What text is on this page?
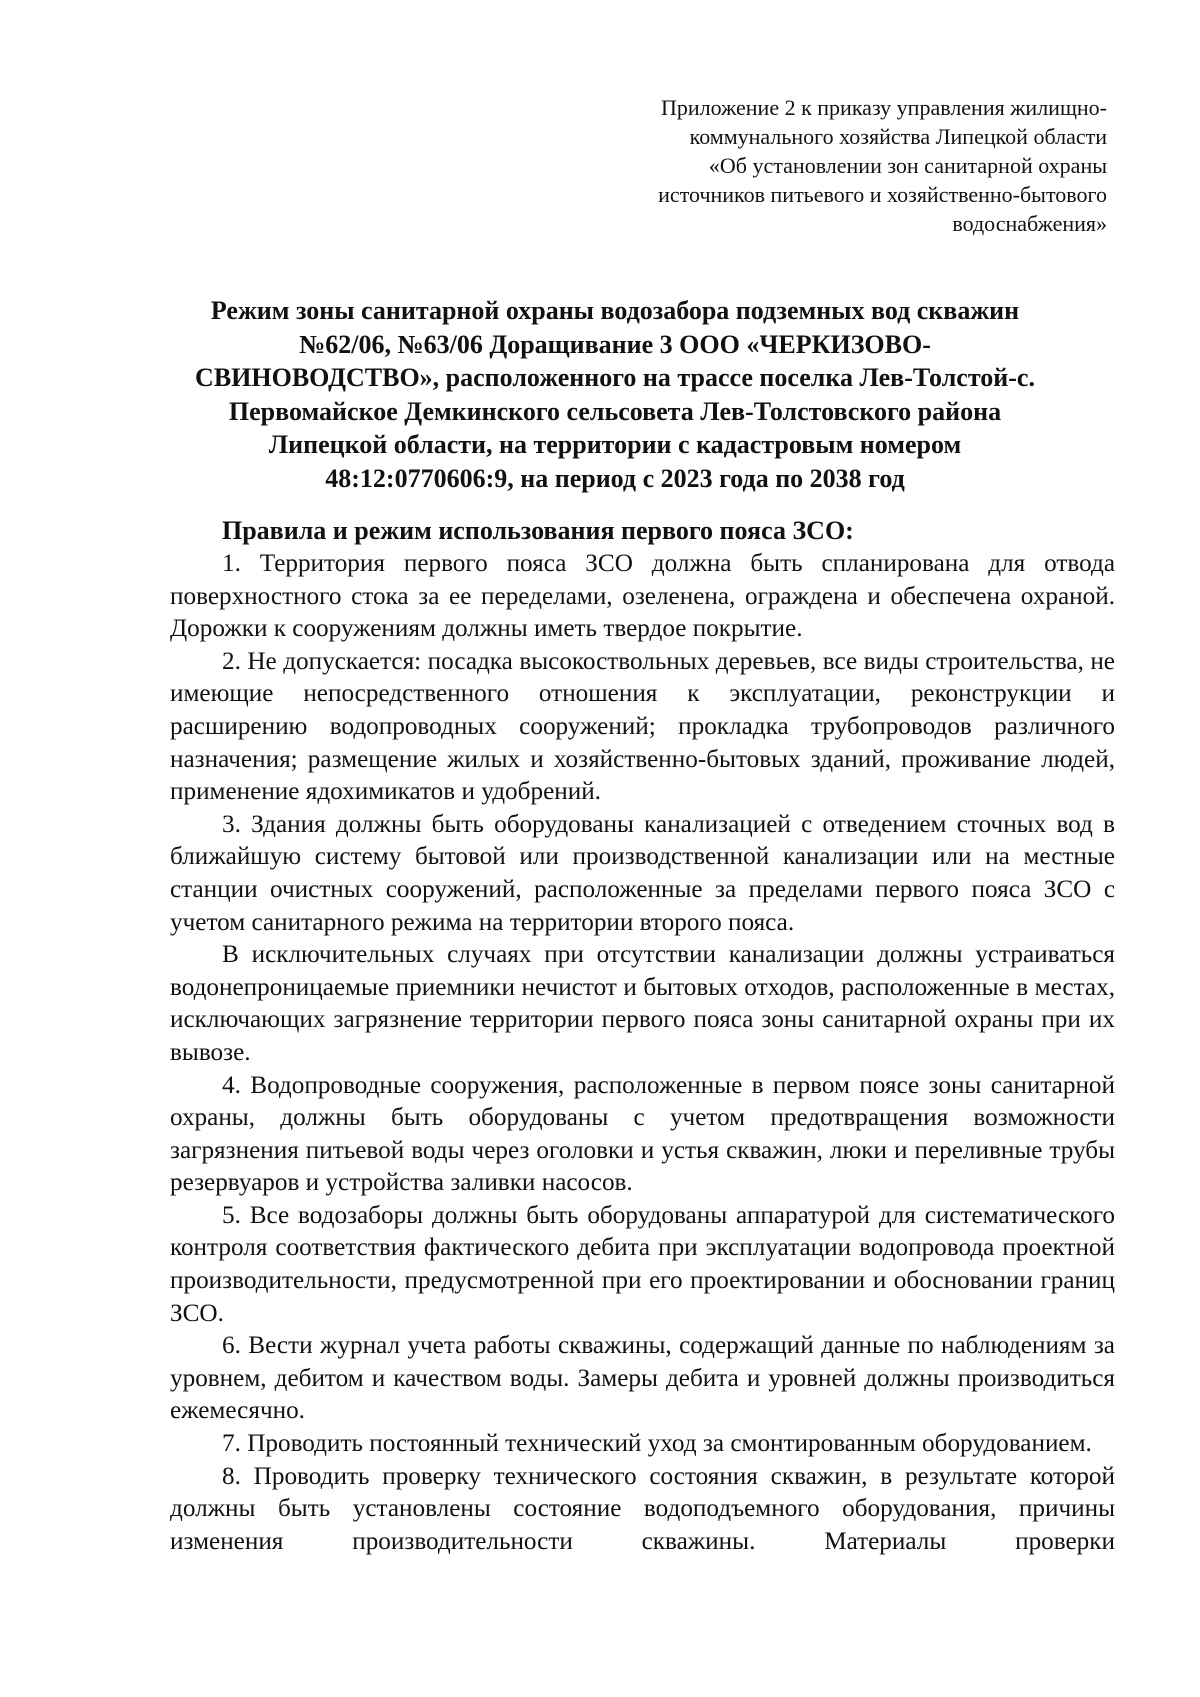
Приложение 2 к приказу управления жилищно-
коммунального хозяйства Липецкой области
«Об установлении зон санитарной охраны
источников питьевого и хозяйственно-бытового
водоснабжения»
Режим зоны санитарной охраны водозабора подземных вод скважин
№62/06, №63/06 Доращивание 3 ООО «ЧЕРКИЗОВО-
СВИНОВОДСТВО», расположенного на трассе поселка Лев-Толстой-с.
Первомайское Демкинского сельсовета Лев-Толстовского района
Липецкой области, на территории с кадастровым номером
48:12:0770606:9, на период с 2023 года по 2038 год
Правила и режим использования первого пояса ЗСО:

1. Территория первого пояса ЗСО должна быть спланирована для отвода поверхностного стока за ее переделами, озеленена, ограждена и обеспечена охраной. Дорожки к сооружениям должны иметь твердое покрытие.

2. Не допускается: посадка высокоствольных деревьев, все виды строительства, не имеющие непосредственного отношения к эксплуатации, реконструкции и расширению водопроводных сооружений; прокладка трубопроводов различного назначения; размещение жилых и хозяйственно-бытовых зданий, проживание людей, применение ядохимикатов и удобрений.

3. Здания должны быть оборудованы канализацией с отведением сточных вод в ближайшую систему бытовой или производственной канализации или на местные станции очистных сооружений, расположенные за пределами первого пояса ЗСО с учетом санитарного режима на территории второго пояса.

В исключительных случаях при отсутствии канализации должны устраиваться водонепроницаемые приемники нечистот и бытовых отходов, расположенные в местах, исключающих загрязнение территории первого пояса зоны санитарной охраны при их вывозе.

4. Водопроводные сооружения, расположенные в первом поясе зоны санитарной охраны, должны быть оборудованы с учетом предотвращения возможности загрязнения питьевой воды через оголовки и устья скважин, люки и переливные трубы резервуаров и устройства заливки насосов.

5. Все водозаборы должны быть оборудованы аппаратурой для систематического контроля соответствия фактического дебита при эксплуатации водопровода проектной производительности, предусмотренной при его проектировании и обосновании границ ЗСО.

6. Вести журнал учета работы скважины, содержащий данные по наблюдениям за уровнем, дебитом и качеством воды. Замеры дебита и уровней должны производиться ежемесячно.

7. Проводить постоянный технический уход за смонтированным оборудованием.

8. Проводить проверку технического состояния скважин, в результате которой должны быть установлены состояние водоподъемного оборудования, причины изменения производительности скважины. Материалы проверки
